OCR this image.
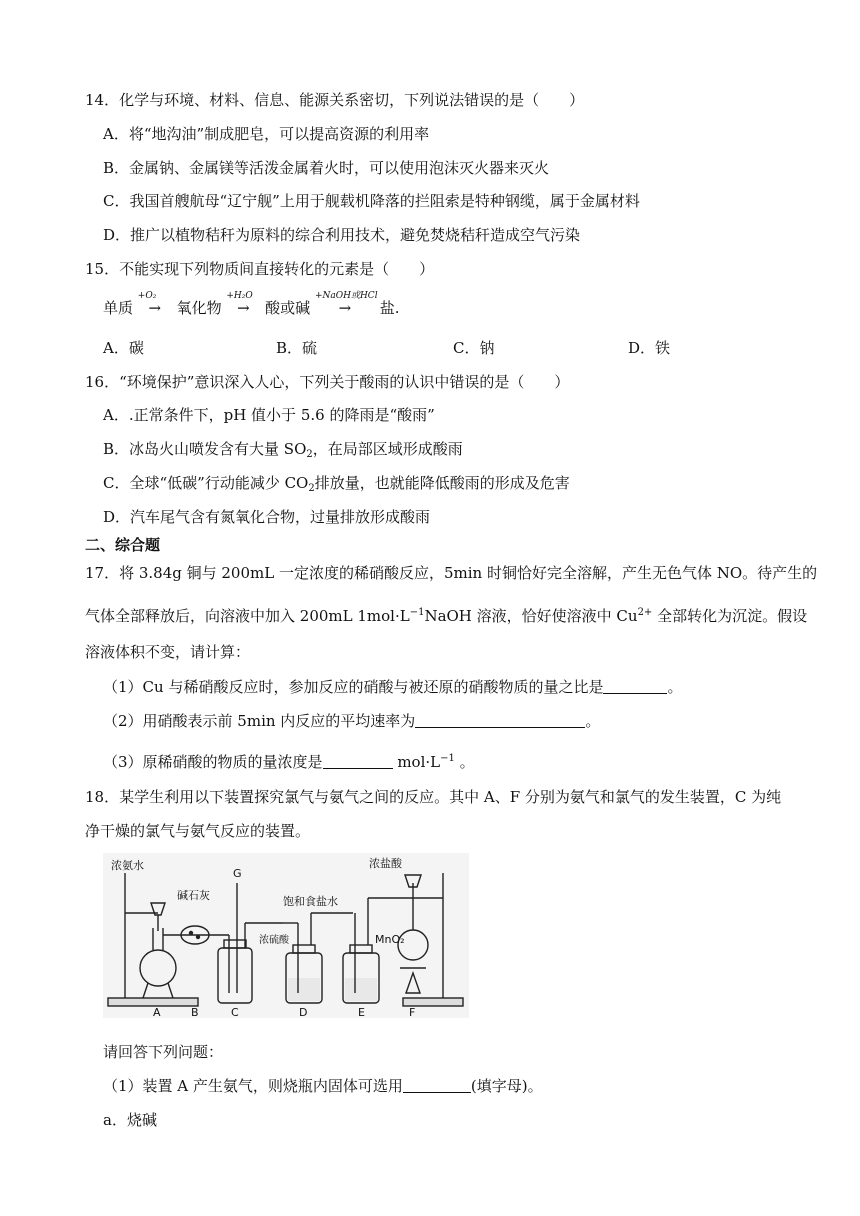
14．化学与环境、材料、信息、能源关系密切，下列说法错误的是（　　）
A．将“地沟油”制成肥皂，可以提高资源的利用率
B．金属钠、金属镁等活泼金属着火时，可以使用泡沫灭火器来灭火
C．我国首艘航母“辽宁舰”上用于舰载机降落的拦阻索是特种钢缆，属于金属材料
D．推广以植物秸秆为原料的综合利用技术，避免焚烧秸秆造成空气污染
15．不能实现下列物质间直接转化的元素是（　　）
单质
+O₂
→ 氧化物
+H₂O
→ 酸或碱
+NaOH或HCl
→ 盐.
A．碳	B．硫	C．钠	D．铁
16．“环境保护”意识深入人心，下列关于酸雨的认识中错误的是（　　）
A．.正常条件下，pH 值小于 5.6 的降雨是“酸雨”
B．冰岛火山喷发含有大量 $SO_2$，在局部区域形成酸雨
C．全球“低碳”行动能减少 $CO_2$排放量，也就能降低酸雨的形成及危害
D．汽车尾气含有氮氧化合物，过量排放形成酸雨
二、综合题
17．将 3.84g 铜与 200mL 一定浓度的稀硝酸反应，5min 时铜恰好完全溶解，产生无色气体 NO。待产生的
气体全部释放后，向溶液中加入 200mL $1mol\cdot L^{-1}NaOH$ 溶液，恰好使溶液中 $Cu^{2+}$ 全部转化为沉淀。假设
溶液体积不变，请计算：
（1）Cu 与稀硝酸反应时，参加反应的硝酸与被还原的硝酸物质的量之比是	。
（2）用硝酸表示前 5min 内反应的平均速率为	。
（3）原稀硝酸的物质的量浓度是	$mol\cdot L^{-1}$ 。
18．某学生利用以下装置探究氯气与氨气之间的反应。其中 A、F 分别为氨气和氯气的发生装置，C 为纯
净干燥的氯气与氨气反应的装置。
浓氨水
A
碱石灰
B
G
C
浓硫酸
D
饱和食盐水
E
浓盐酸
MnO₂
F
请回答下列问题：
（1）装置 A 产生氨气，则烧瓶内固体可选用	(填字母)。
a．烧碱
